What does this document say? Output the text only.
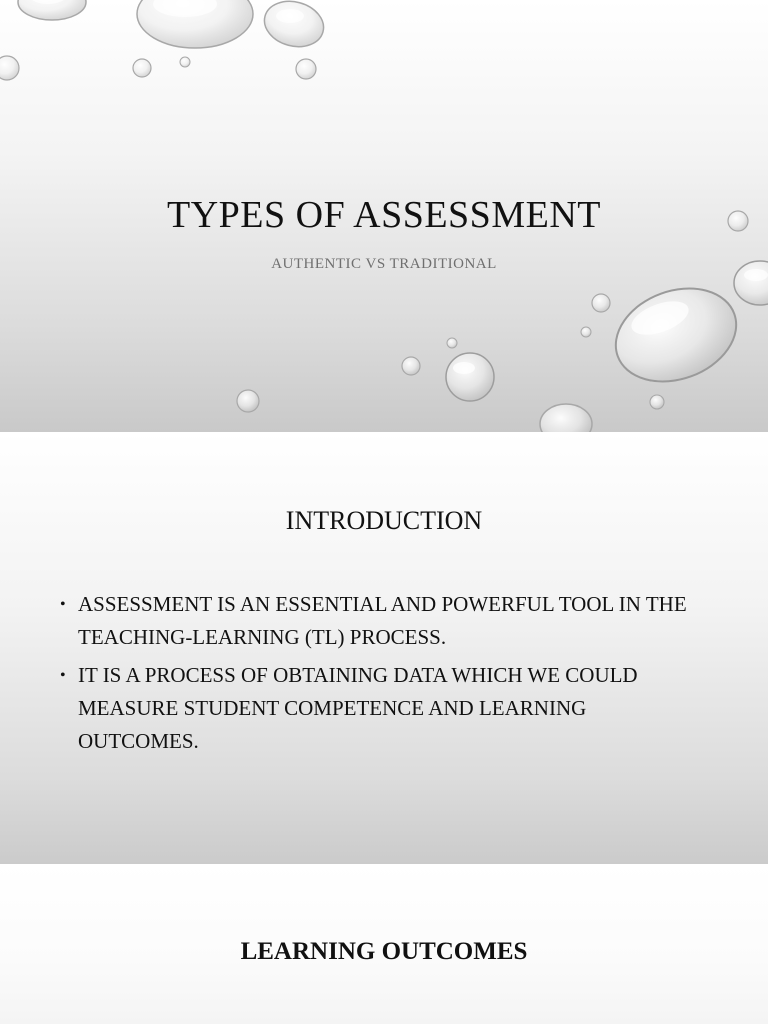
TYPES OF ASSESSMENT

AUTHENTIC VS TRADITIONAL

INTRODUCTION
• ASSESSMENT IS AN ESSENTIAL AND POWERFUL TOOL IN THE TEACHING-LEARNING (TL) PROCESS.
• IT IS A PROCESS OF OBTAINING DATA WHICH WE COULD MEASURE STUDENT COMPETENCE AND LEARNING OUTCOMES.
LEARNING OUTCOMES
